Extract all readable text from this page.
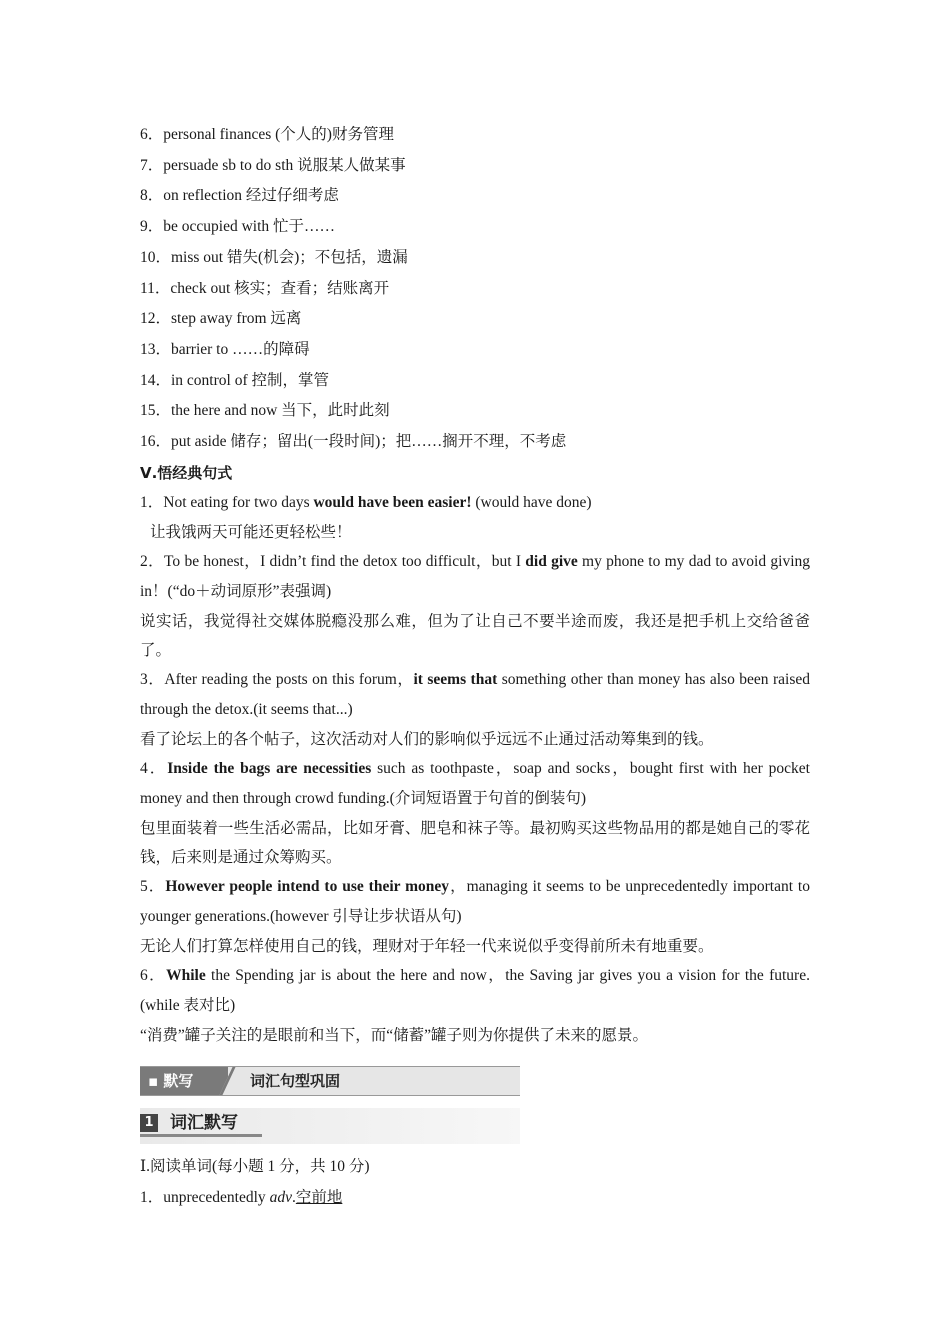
6．personal finances (个人的)财务管理
7．persuade sb to do sth 说服某人做某事
8．on reflection 经过仔细考虑
9．be occupied with 忙于……
10．miss out 错失(机会)；不包括，遗漏
11．check out 核实；查看；结账离开
12．step away from 远离
13．barrier to ……的障碍
14．in control of 控制，掌管
15．the here and now 当下，此时此刻
16．put aside 储存；留出(一段时间)；把……搁开不理，不考虑
Ⅴ.悟经典句式
1．Not eating for two days would have been easier! (would have done)
让我饿两天可能还更轻松些！
2．To be honest，I didn’t find the detox too difficult，but I did give my phone to my dad to avoid giving in！(“do＋动词原形”表强调)
说实话，我觉得社交媒体脱瘾没那么难，但为了让自己不要半途而废，我还是把手机上交给爸爸了。
3．After reading the posts on this forum，it seems that something other than money has also been raised through the detox.(it seems that...)
看了论坛上的各个帖子，这次活动对人们的影响似乎远远不止通过活动筹集到的钱。
4．Inside the bags are necessities such as toothpaste，soap and socks，bought first with her pocket money and then through crowd funding.(介词短语置于句首的倒装句)
包里面装着一些生活必需品，比如牙膏、肥皂和袜子等。最初购买这些物品用的都是她自己的零花钱，后来则是通过众筹购买。
5．However people intend to use their money，managing it seems to be unprecedentedly important to younger generations.(however 引导让步状语从句)
无论人们打算怎样使用自己的钱，理财对于年轻一代来说似乎变得前所未有地重要。
6．While the Spending jar is about the here and now，the Saving jar gives you a vision for the future.(while 表对比)
“消费”罐子关注的是眼前和当下，而“储蓄”罐子则为你提供了未来的愿景。
▪ 默写	词汇句型巩固
1 词汇默写
Ⅰ.阅读单词(每小题 1 分，共 10 分)
1．unprecedentedly adv.空前地
